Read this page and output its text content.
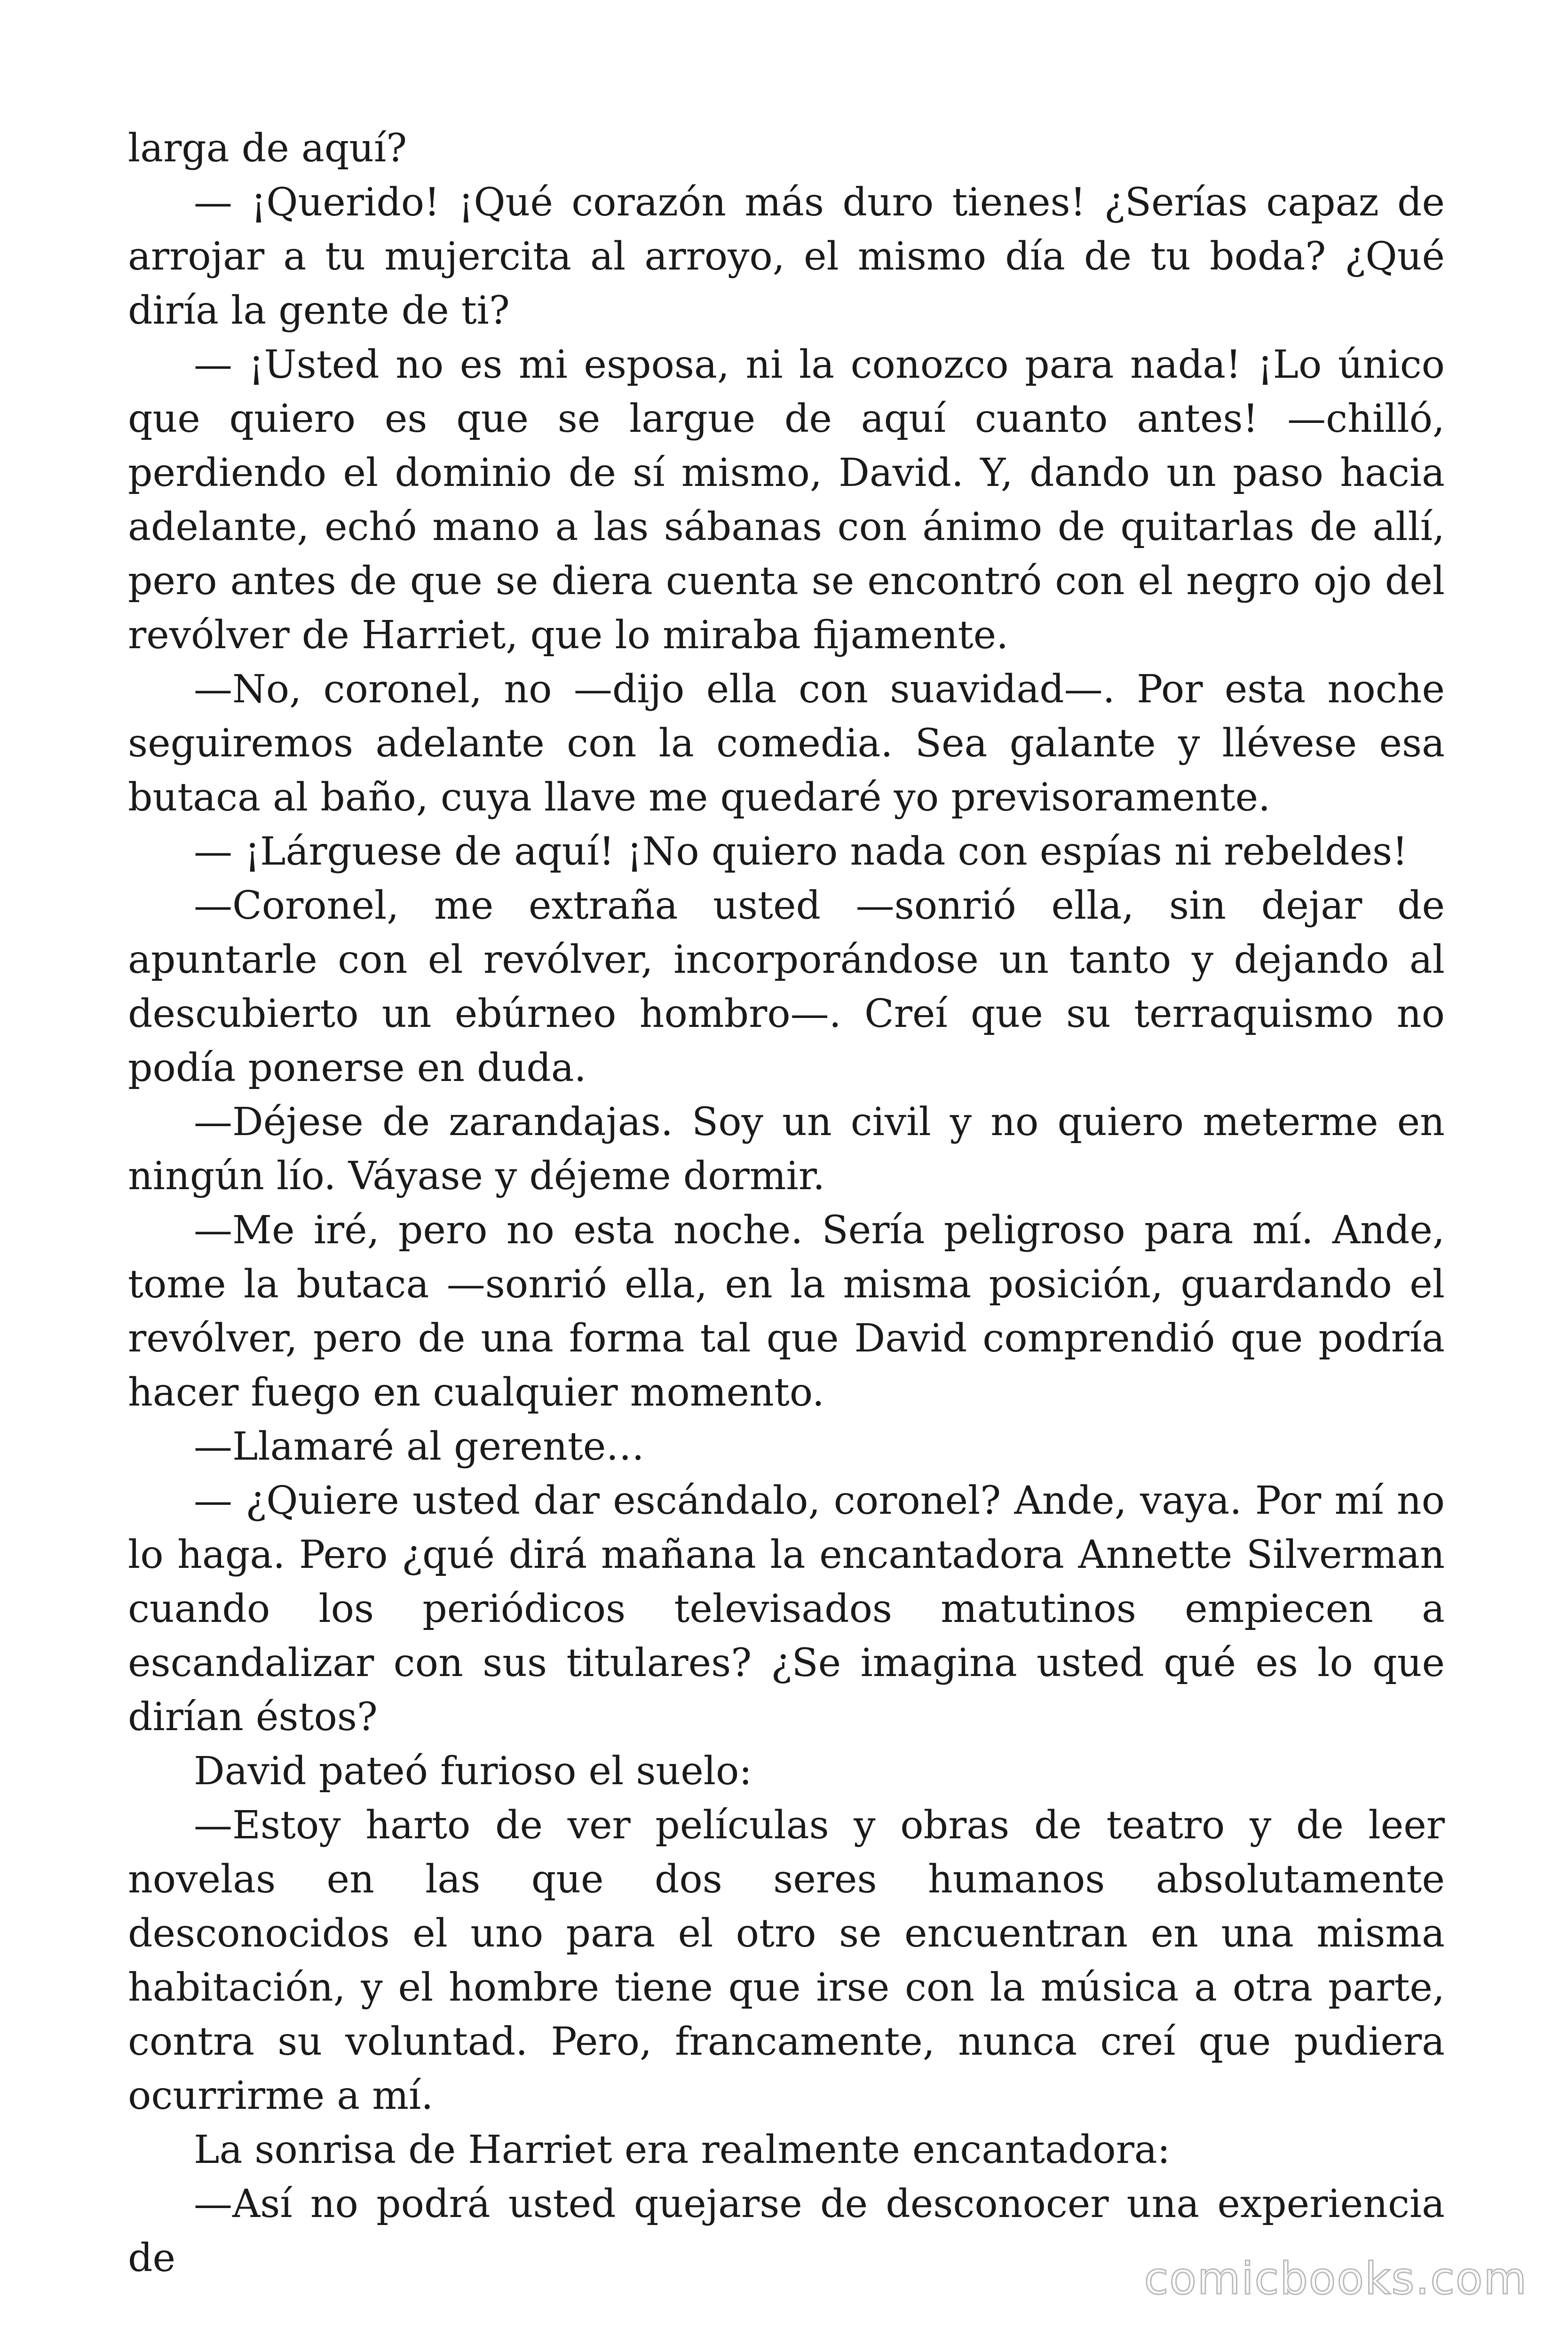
larga de aquí?

— ¡Querido! ¡Qué corazón más duro tienes! ¿Serías capaz de arrojar a tu mujercita al arroyo, el mismo día de tu boda? ¿Qué diría la gente de ti?

— ¡Usted no es mi esposa, ni la conozco para nada! ¡Lo único que quiero es que se largue de aquí cuanto antes! —chilló, perdiendo el dominio de sí mismo, David. Y, dando un paso hacia adelante, echó mano a las sábanas con ánimo de quitarlas de allí, pero antes de que se diera cuenta se encontró con el negro ojo del revólver de Harriet, que lo miraba fijamente.

—No, coronel, no —dijo ella con suavidad—. Por esta noche seguiremos adelante con la comedia. Sea galante y llévese esa butaca al baño, cuya llave me quedaré yo previsoramente.

— ¡Lárguese de aquí! ¡No quiero nada con espías ni rebeldes!

—Coronel, me extraña usted —sonrió ella, sin dejar de apuntarle con el revólver, incorporándose un tanto y dejando al descubierto un ebúrneo hombro—. Creí que su terraquismo no podía ponerse en duda.

—Déjese de zarandajas. Soy un civil y no quiero meterme en ningún lío. Váyase y déjeme dormir.

—Me iré, pero no esta noche. Sería peligroso para mí. Ande, tome la butaca —sonrió ella, en la misma posición, guardando el revólver, pero de una forma tal que David comprendió que podría hacer fuego en cualquier momento.

—Llamaré al gerente…

— ¿Quiere usted dar escándalo, coronel? Ande, vaya. Por mí no lo haga. Pero ¿qué dirá mañana la encantadora Annette Silverman cuando los periódicos televisados matutinos empiecen a escandalizar con sus titulares? ¿Se imagina usted qué es lo que dirían éstos?

David pateó furioso el suelo:

—Estoy harto de ver películas y obras de teatro y de leer novelas en las que dos seres humanos absolutamente desconocidos el uno para el otro se encuentran en una misma habitación, y el hombre tiene que irse con la música a otra parte, contra su voluntad. Pero, francamente, nunca creí que pudiera ocurrirme a mí.

La sonrisa de Harriet era realmente encantadora:

—Así no podrá usted quejarse de desconocer una experiencia de	comicbooks.com
